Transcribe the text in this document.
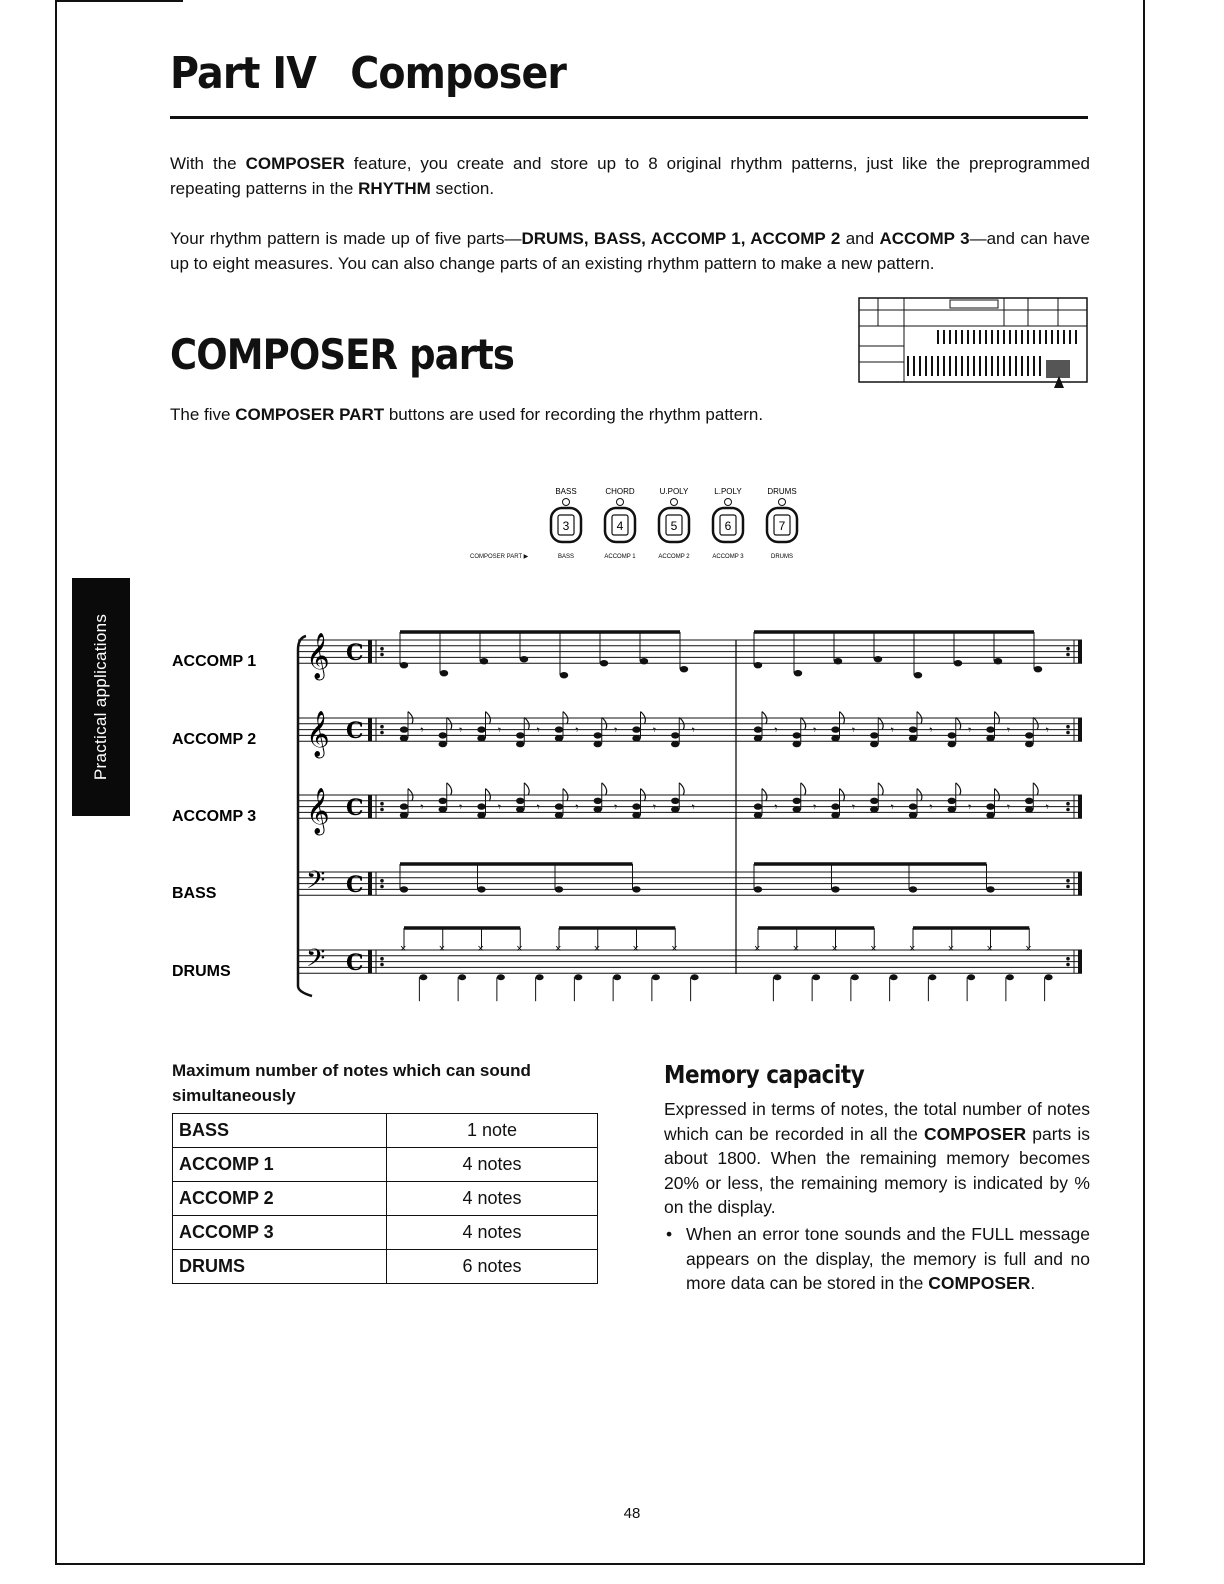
Practical applications
Part IV Composer

With the COMPOSER feature, you create and store up to 8 original rhythm patterns, just like the preprogrammed repeating patterns in the RHYTHM section.

Your rhythm pattern is made up of five parts—DRUMS, BASS, ACCOMP 1, ACCOMP 2 and ACCOMP 3—and can have up to eight measures. You can also change parts of an existing rhythm pattern to make a new pattern.

COMPOSER parts

The five COMPOSER PART buttons are used for recording the rhythm pattern.

COMPOSER PART ▶
BASS
3
BASS
CHORD
4
ACCOMP 1
U.POLY
5
ACCOMP 2
L.POLY
6
ACCOMP 3
DRUMS
7
DRUMS
ACCOMP 1 𝄞 C
ACCOMP 2 𝄞 C	𝄾	𝄾	𝄾	𝄾	𝄾	𝄾	𝄾	𝄾	𝄾	𝄾	𝄾	𝄾	𝄾	𝄾	𝄾	𝄾
ACCOMP 3 𝄞 C	𝄾	𝄾	𝄾	𝄾	𝄾	𝄾	𝄾	𝄾	𝄾	𝄾	𝄾	𝄾	𝄾	𝄾	𝄾	𝄾
BASS	𝄢 C
DRUMS	𝄢 C
×	×	×	×	×	×	×	×	×	×	×	×	×	×	×	×

Maximum number of notes which can sound simultaneously

BASS	1 note
ACCOMP 1	4 notes
ACCOMP 2	4 notes
ACCOMP 3	4 notes
DRUMS	6 notes
Memory capacity

Expressed in terms of notes, the total number of notes which can be recorded in all the COMPOSER parts is about 1800. When the remaining memory becomes 20% or less, the remaining memory is indicated by % on the display.

• When an error tone sounds and the FULL message appears on the display, the memory is full and no more data can be stored in the COMPOSER.

48
